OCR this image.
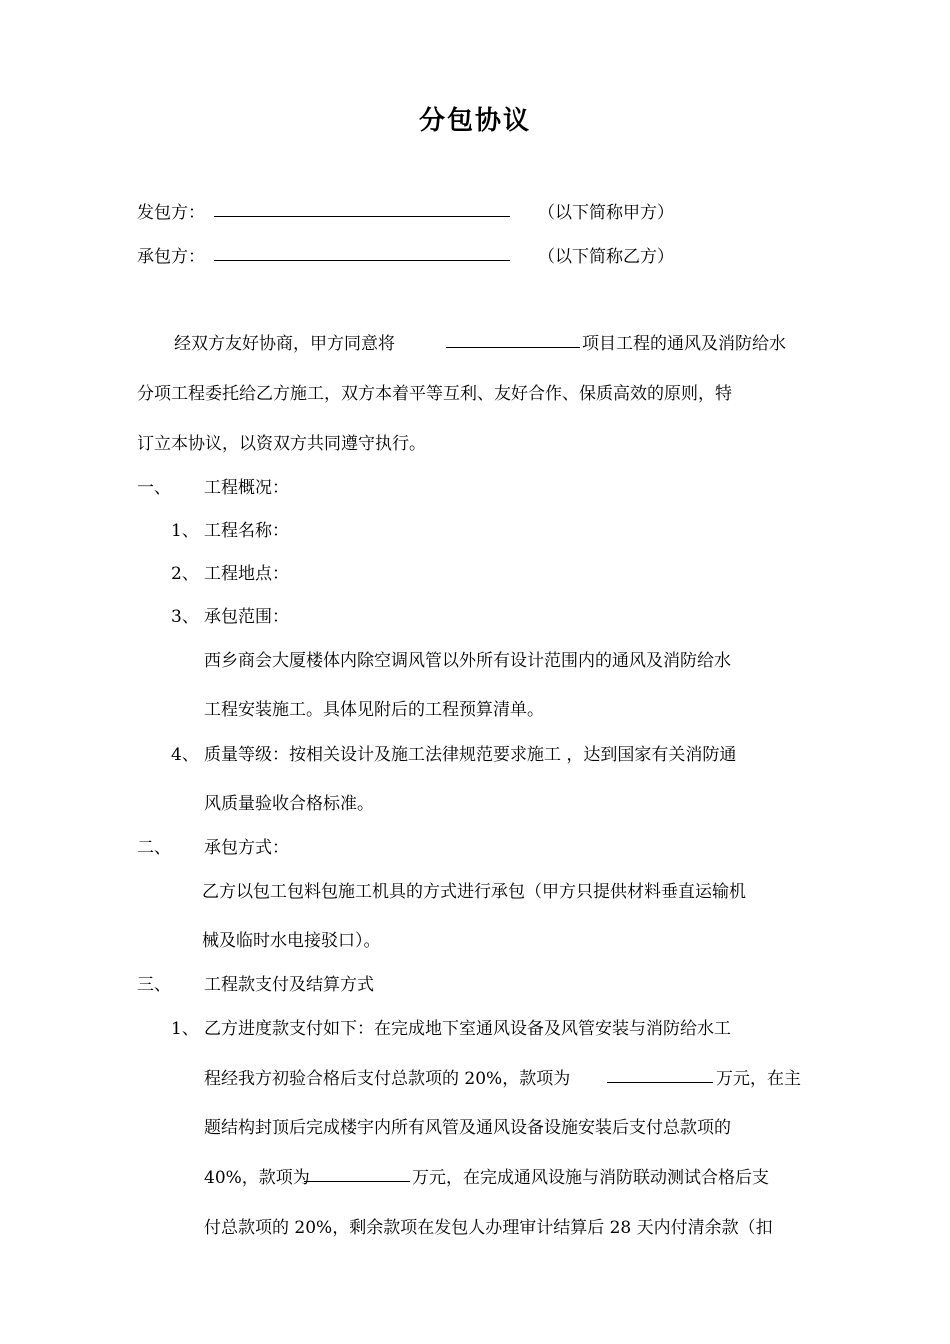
分包协议
发包方：	（以下简称甲方）
承包方：	（以下简称乙方）
经双方友好协商，甲方同意将	项目工程的通风及消防给水
分项工程委托给乙方施工，双方本着平等互利、友好合作、保质高效的原则，特
订立本协议，以资双方共同遵守执行。
一、 工程概况：
1、 工程名称：
2、 工程地点：
3、 承包范围：
西乡商会大厦楼体内除空调风管以外所有设计范围内的通风及消防给水
工程安装施工。具体见附后的工程预算清单。
4、 质量等级：按相关设计及施工法律规范要求施工 ，达到国家有关消防通
风质量验收合格标准。
二、 承包方式：
乙方以包工包料包施工机具的方式进行承包（甲方只提供材料垂直运输机
械及临时水电接驳口）。
三、 工程款支付及结算方式
1、 乙方进度款支付如下：在完成地下室通风设备及风管安装与消防给水工
程经我方初验合格后支付总款项的 20%，款项为	万元，在主
题结构封顶后完成楼宇内所有风管及通风设备设施安装后支付总款项的
40%，款项为	万元，在完成通风设施与消防联动测试合格后支
付总款项的 20%，剩余款项在发包人办理审计结算后 28 天内付清余款（扣
